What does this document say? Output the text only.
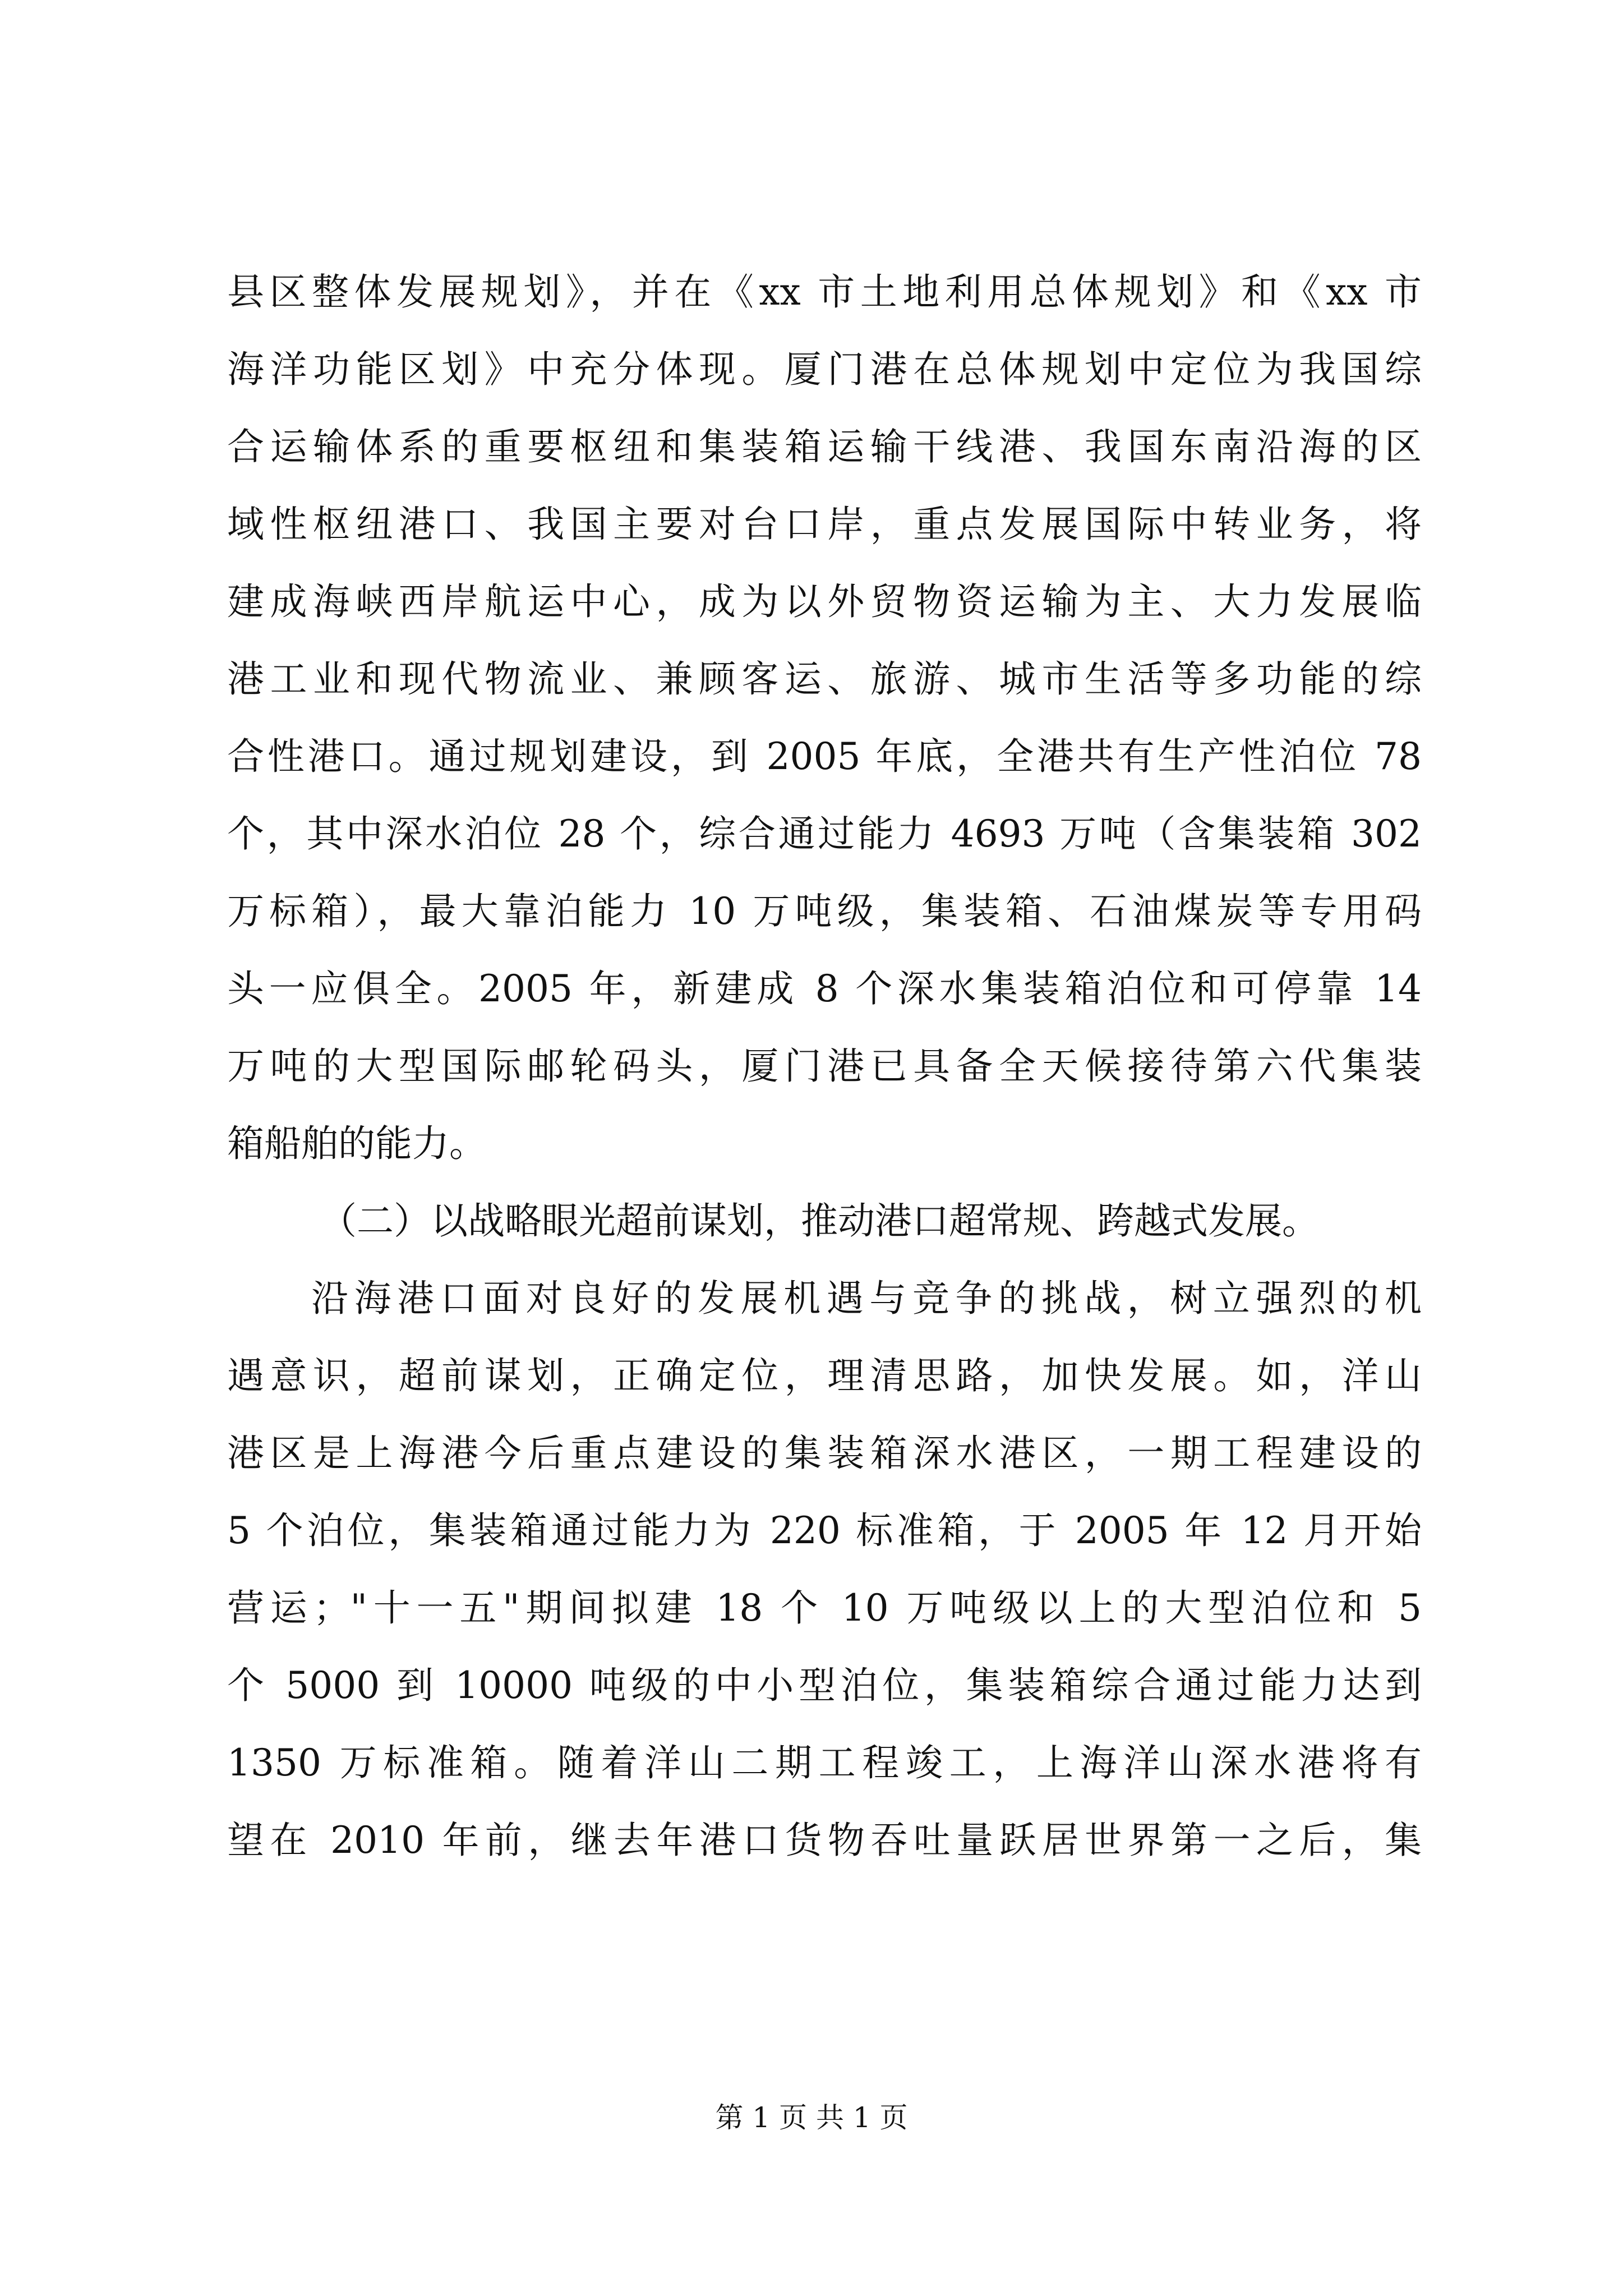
县区整体发展规划》，并在《xx 市土地利用总体规划》和《xx 市
海洋功能区划》中充分体现。厦门港在总体规划中定位为我国综
合运输体系的重要枢纽和集装箱运输干线港、我国东南沿海的区
域性枢纽港口、我国主要对台口岸，重点发展国际中转业务，将
建成海峡西岸航运中心，成为以外贸物资运输为主、大力发展临
港工业和现代物流业、兼顾客运、旅游、城市生活等多功能的综
合性港口。通过规划建设，到 2005 年底，全港共有生产性泊位 78
个，其中深水泊位 28 个，综合通过能力 4693 万吨（含集装箱 302
万标箱），最大靠泊能力 10 万吨级，集装箱、石油煤炭等专用码
头一应俱全。2005 年，新建成 8 个深水集装箱泊位和可停靠 14
万吨的大型国际邮轮码头，厦门港已具备全天候接待第六代集装
箱船舶的能力。
（二）以战略眼光超前谋划，推动港口超常规、跨越式发展。
沿海港口面对良好的发展机遇与竞争的挑战，树立强烈的机
遇意识，超前谋划，正确定位，理清思路，加快发展。如，洋山
港区是上海港今后重点建设的集装箱深水港区，一期工程建设的
5 个泊位，集装箱通过能力为 220 标准箱，于 2005 年 12 月开始
营运；"十一五"期间拟建 18 个 10 万吨级以上的大型泊位和 5
个 5000 到 10000 吨级的中小型泊位，集装箱综合通过能力达到
1350 万标准箱。随着洋山二期工程竣工，上海洋山深水港将有
望在 2010 年前，继去年港口货物吞吐量跃居世界第一之后，集
第 1 页 共 1 页
